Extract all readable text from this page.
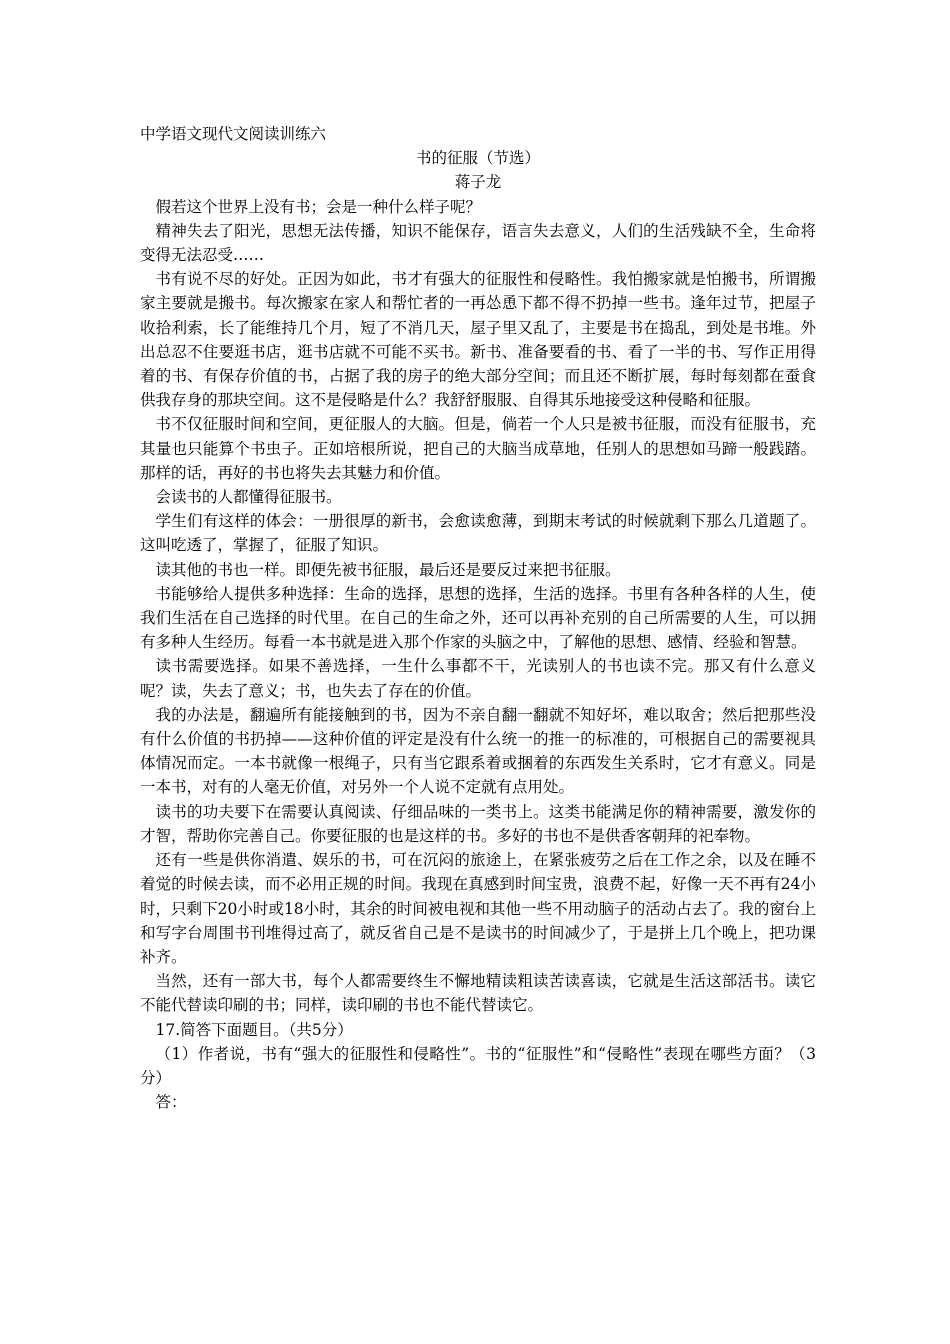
中学语文现代文阅读训练六

书的征服（节选）

蒋子龙

假若这个世界上没有书；会是一种什么样子呢？

精神失去了阳光，思想无法传播，知识不能保存，语言失去意义，人们的生活残缺不全，生命将变得无法忍受……

书有说不尽的好处。正因为如此，书才有强大的征服性和侵略性。我怕搬家就是怕搬书，所谓搬家主要就是搬书。每次搬家在家人和帮忙者的一再怂恿下都不得不扔掉一些书。逢年过节，把屋子收拾利索，长了能维持几个月，短了不消几天，屋子里又乱了，主要是书在捣乱，到处是书堆。外出总忍不住要逛书店，逛书店就不可能不买书。新书、准备要看的书、看了一半的书、写作正用得着的书、有保存价值的书，占据了我的房子的绝大部分空间；而且还不断扩展，每时每刻都在蚕食供我存身的那块空间。这不是侵略是什么？我舒舒服服、自得其乐地接受这种侵略和征服。

书不仅征服时间和空间，更征服人的大脑。但是，倘若一个人只是被书征服，而没有征服书，充其量也只能算个书虫子。正如培根所说，把自己的大脑当成草地，任别人的思想如马蹄一般践踏。那样的话，再好的书也将失去其魅力和价值。

会读书的人都懂得征服书。

学生们有这样的体会：一册很厚的新书，会愈读愈薄，到期末考试的时候就剩下那么几道题了。这叫吃透了，掌握了，征服了知识。

读其他的书也一样。即便先被书征服，最后还是要反过来把书征服。

书能够给人提供多种选择：生命的选择，思想的选择，生活的选择。书里有各种各样的人生，使我们生活在自己选择的时代里。在自己的生命之外，还可以再补充别的自己所需要的人生，可以拥有多种人生经历。每看一本书就是进入那个作家的头脑之中，了解他的思想、感情、经验和智慧。

读书需要选择。如果不善选择，一生什么事都不干，光读别人的书也读不完。那又有什么意义呢？读，失去了意义；书，也失去了存在的价值。

我的办法是，翻遍所有能接触到的书，因为不亲自翻一翻就不知好坏，难以取舍；然后把那些没有什么价值的书扔掉——这种价值的评定是没有什么统一的推一的标准的，可根据自己的需要视具体情况而定。一本书就像一根绳子，只有当它跟系着或捆着的东西发生关系时，它才有意义。同是一本书，对有的人毫无价值，对另外一个人说不定就有点用处。

读书的功夫要下在需要认真阅读、仔细品味的一类书上。这类书能满足你的精神需要，激发你的才智，帮助你完善自己。你要征服的也是这样的书。多好的书也不是供香客朝拜的祀奉物。

还有一些是供你消遣、娱乐的书，可在沉闷的旅途上，在紧张疲劳之后在工作之余，以及在睡不着觉的时候去读，而不必用正规的时间。我现在真感到时间宝贵，浪费不起，好像一天不再有24小时，只剩下20小时或18小时，其余的时间被电视和其他一些不用动脑子的活动占去了。我的窗台上和写字台周围书刊堆得过高了，就反省自己是不是读书的时间减少了，于是拼上几个晚上，把功课补齐。

当然，还有一部大书，每个人都需要终生不懈地精读粗读苦读喜读，它就是生活这部活书。读它不能代替读印刷的书；同样，读印刷的书也不能代替读它。

17.简答下面题目。（共5分）

（1）作者说，书有“强大的征服性和侵略性”。书的“征服性”和“侵略性”表现在哪些方面？（3分）

答：
